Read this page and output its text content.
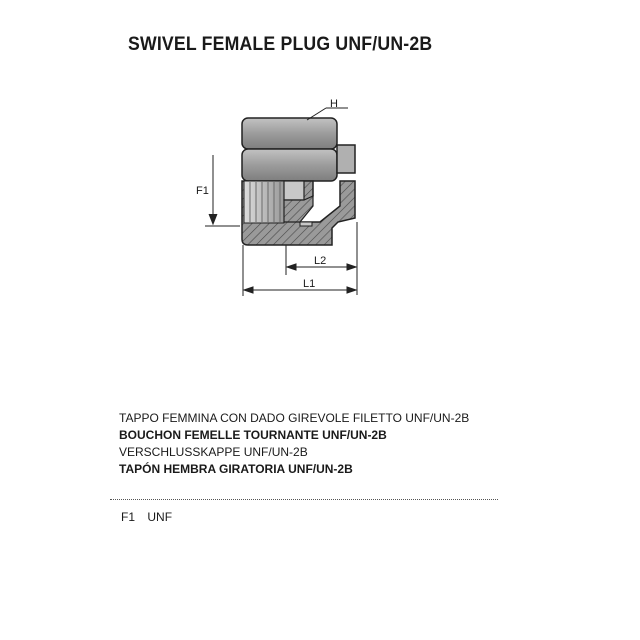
SWIVEL FEMALE PLUG UNF/UN-2B
H
F1
L2
L1
TAPPO FEMMINA CON DADO GIREVOLE FILETTO UNF/UN-2B
BOUCHON FEMELLE TOURNANTE UNF/UN-2B
VERSCHLUSSKAPPE UNF/UN-2B
TAPÓN HEMBRA GIRATORIA UNF/UN-2B
F1 UNF
